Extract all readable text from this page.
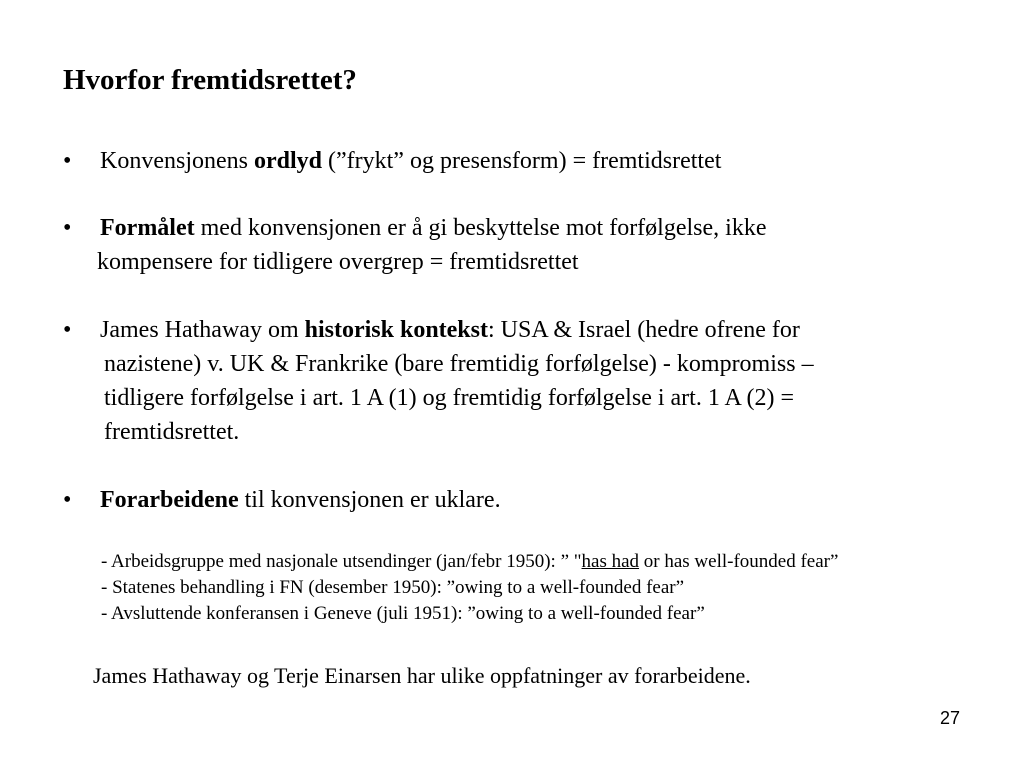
Hvorfor fremtidsrettet?
• Konvensjonens ordlyd (”frykt” og presensform) = fremtidsrettet
• Formålet med konvensjonen er å gi beskyttelse mot forfølgelse, ikke
kompensere for tidligere overgrep = fremtidsrettet
• James Hathaway om historisk kontekst: USA & Israel (hedre ofrene for
nazistene) v. UK & Frankrike (bare fremtidig forfølgelse) - kompromiss –
tidligere forfølgelse i art. 1 A (1) og fremtidig forfølgelse i art. 1 A (2) =
fremtidsrettet.
• Forarbeidene til konvensjonen er uklare.
- Arbeidsgruppe med nasjonale utsendinger (jan/febr 1950): ” "has had or has well-founded fear”
- Statenes behandling i FN (desember 1950): ”owing to a well-founded fear”
- Avsluttende konferansen i Geneve (juli 1951): ”owing to a well-founded fear”
James Hathaway og Terje Einarsen har ulike oppfatninger av forarbeidene.
27
